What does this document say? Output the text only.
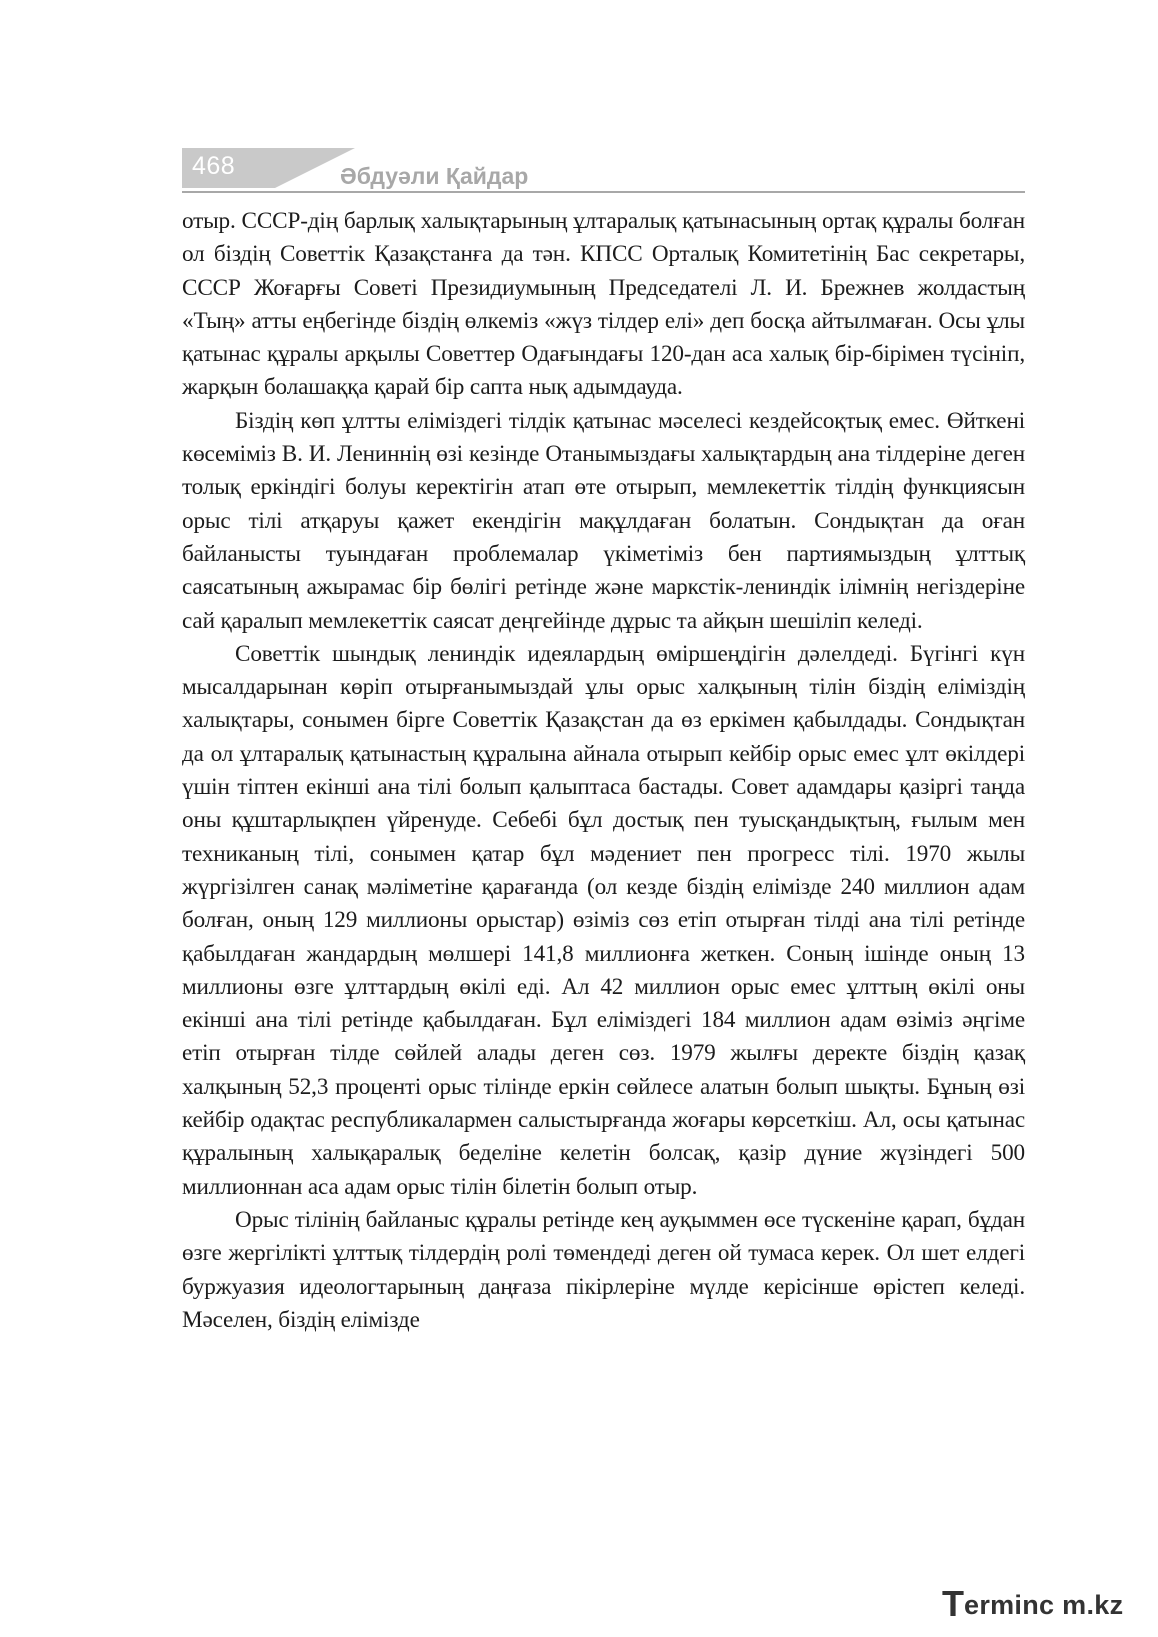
468	Әбдуәли Қайдар

отыр. СССР-дің барлық халықтарының ұлтаралық қатынасының ортақ құралы болған ол біздің Советтік Қазақстанға да тән. КПСС Орталық Комитетінің Бас секретары, СССР Жоғарғы Советі Президиумының Председателі Л. И. Брежнев жолдастың «Тың» атты еңбегінде біздің өлкеміз «жүз тілдер елі» деп босқа айтылмаған. Осы ұлы қатынас құралы арқылы Советтер Одағындағы 120-дан аса халық бір-бірімен түсініп, жарқын болашаққа қарай бір сапта нық адымдауда.

Біздің көп ұлтты еліміздегі тілдік қатынас мәселесі кездейсоқтық емес. Өйткені көсеміміз В. И. Лениннің өзі кезінде Отанымыздағы халықтардың ана тілдеріне деген толық еркіндігі болуы керектігін атап өте отырып, мемлекеттік тілдің функциясын орыс тілі атқаруы қажет екендігін мақұлдаған болатын. Сондықтан да оған байланысты туындаған проблемалар үкіметіміз бен партиямыздың ұлттық саясатының ажырамас бір бөлігі ретінде және маркстік-лениндік ілімнің негіздеріне сай қаралып мемлекеттік саясат деңгейінде дұрыс та айқын шешіліп келеді.

Советтік шындық лениндік идеялардың өміршеңдігін дәлелдеді. Бүгінгі күн мысалдарынан көріп отырғанымыздай ұлы орыс халқының тілін біздің еліміздің халықтары, сонымен бірге Советтік Қазақстан да өз еркімен қабылдады. Сондықтан да ол ұлтаралық қатынастың құралына айнала отырып кейбір орыс емес ұлт өкілдері үшін тіптен екінші ана тілі болып қалыптаса бастады. Совет адамдары қазіргі таңда оны құштарлықпен үйренуде. Себебі бұл достық пен туысқандықтың, ғылым мен техниканың тілі, сонымен қатар бұл мәдениет пен прогресс тілі. 1970 жылы жүргізілген санақ мәліметіне қарағанда (ол кезде біздің елімізде 240 миллион адам болған, оның 129 миллионы орыстар) өзіміз сөз етіп отырған тілді ана тілі ретінде қабылдаған жандардың мөлшері 141,8 миллионға жеткен. Соның ішінде оның 13 миллионы өзге ұлттардың өкілі еді. Ал 42 миллион орыс емес ұлттың өкілі оны екінші ана тілі ретінде қабылдаған. Бұл еліміздегі 184 миллион адам өзіміз әңгіме етіп отырған тілде сөйлей алады деген сөз. 1979 жылғы деректе біздің қазақ халқының 52,3 проценті орыс тілінде еркін сөйлесе алатын болып шықты. Бұның өзі кейбір одақтас республикалармен салыстырғанда жоғары көрсеткіш. Ал, осы қатынас құралының халықаралық беделіне келетін болсақ, қазір дүние жүзіндегі 500 миллионнан аса адам орыс тілін білетін болып отыр.

Орыс тілінің байланыс құралы ретінде кең ауқыммен өсе түскеніне қарап, бұдан өзге жергілікті ұлттық тілдердің ролі төмендеді деген ой тумаса керек. Ол шет елдегі буржуазия идеологтарының даңғаза пікірлеріне мүлде керісінше өрістеп келеді. Мәселен, біздің елімізде

T erminc m.kz
